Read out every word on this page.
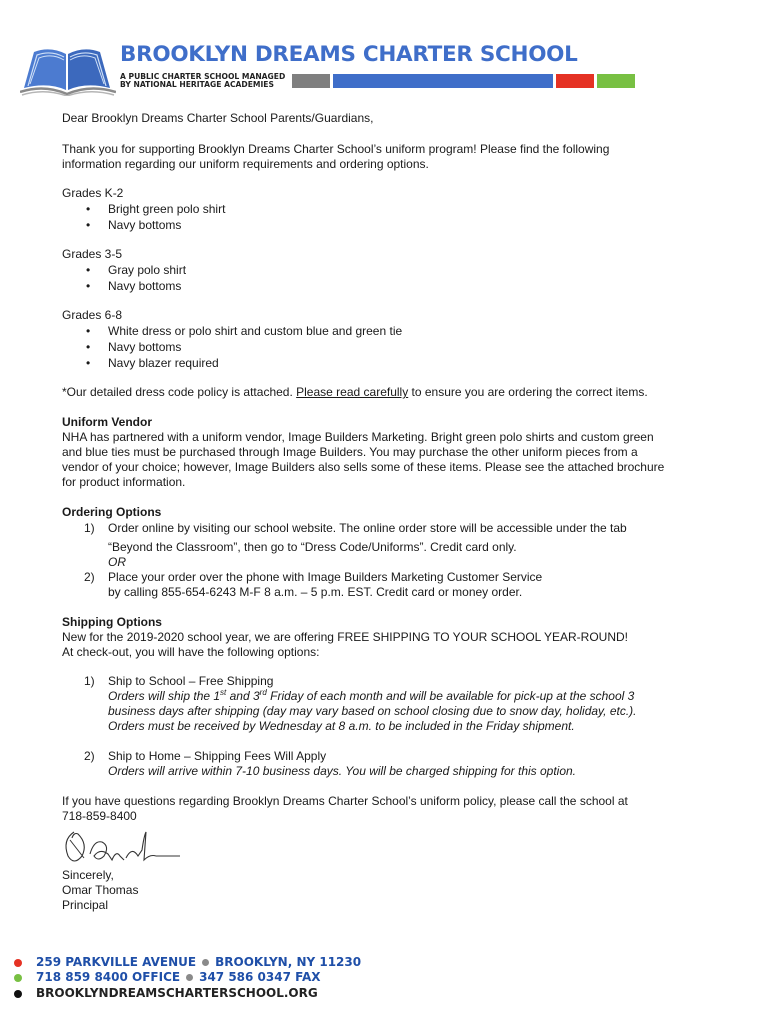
BROOKLYN DREAMS CHARTER SCHOOL
A PUBLIC CHARTER SCHOOL MANAGED
BY NATIONAL HERITAGE ACADEMIES
Dear Brooklyn Dreams Charter School Parents/Guardians,
Thank you for supporting Brooklyn Dreams Charter School’s uniform program! Please find the following
information regarding our uniform requirements and ordering options.
Grades K-2
• Bright green polo shirt
• Navy bottoms
Grades 3-5
• Gray polo shirt
• Navy bottoms
Grades 6-8
• White dress or polo shirt and custom blue and green tie
• Navy bottoms
• Navy blazer required
*Our detailed dress code policy is attached. Please read carefully to ensure you are ordering the correct items.
Uniform Vendor
NHA has partnered with a uniform vendor, Image Builders Marketing. Bright green polo shirts and custom green
and blue ties must be purchased through Image Builders. You may purchase the other uniform pieces from a
vendor of your choice; however, Image Builders also sells some of these items. Please see the attached brochure
for product information.
Ordering Options
1) Order online by visiting our school website. The online order store will be accessible under the tab
“Beyond the Classroom”, then go to “Dress Code/Uniforms”. Credit card only.
OR
2) Place your order over the phone with Image Builders Marketing Customer Service
by calling 855-654-6243 M-F 8 a.m. – 5 p.m. EST. Credit card or money order.
Shipping Options
New for the 2019-2020 school year, we are offering FREE SHIPPING TO YOUR SCHOOL YEAR-ROUND!
At check-out, you will have the following options:
1) Ship to School – Free Shipping
Orders will ship the 1st and 3rd Friday of each month and will be available for pick-up at the school 3
business days after shipping (day may vary based on school closing due to snow day, holiday, etc.).
Orders must be received by Wednesday at 8 a.m. to be included in the Friday shipment.
2) Ship to Home – Shipping Fees Will Apply
Orders will arrive within 7-10 business days. You will be charged shipping for this option.
If you have questions regarding Brooklyn Dreams Charter School’s uniform policy, please call the school at
718-859-8400
Sincerely,
Omar Thomas
Principal
259 PARKVILLE AVENUE BROOKLYN, NY 11230
718 859 8400 OFFICE 347 586 0347 FAX
BROOKLYNDREAMSCHARTERSCHOOL.ORG
